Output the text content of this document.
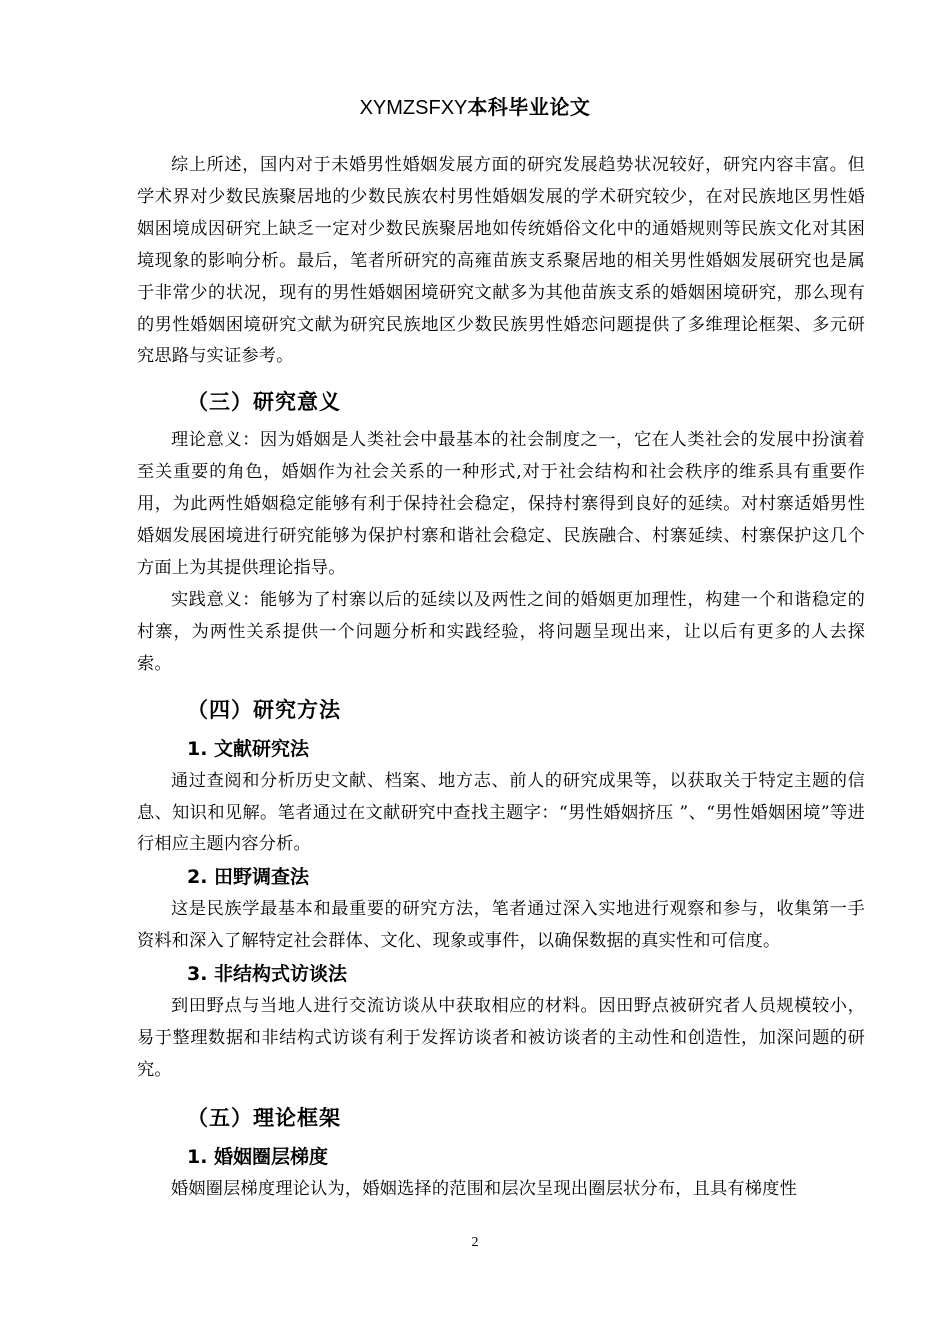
XYMZSFXY本科毕业论文

综上所述，国内对于未婚男性婚姻发展方面的研究发展趋势状况较好，研究内容丰富。但学术界对少数民族聚居地的少数民族农村男性婚姻发展的学术研究较少，在对民族地区男性婚姻困境成因研究上缺乏一定对少数民族聚居地如传统婚俗文化中的通婚规则等民族文化对其困境现象的影响分析。最后，笔者所研究的高雍苗族支系聚居地的相关男性婚姻发展研究也是属于非常少的状况，现有的男性婚姻困境研究文献多为其他苗族支系的婚姻困境研究，那么现有的男性婚姻困境研究文献为研究民族地区少数民族男性婚恋问题提供了多维理论框架、多元研究思路与实证参考。

（三）研究意义

理论意义：因为婚姻是人类社会中最基本的社会制度之一，它在人类社会的发展中扮演着至关重要的角色，婚姻作为社会关系的一种形式,对于社会结构和社会秩序的维系具有重要作用，为此两性婚姻稳定能够有利于保持社会稳定，保持村寨得到良好的延续。对村寨适婚男性婚姻发展困境进行研究能够为保护村寨和谐社会稳定、民族融合、村寨延续、村寨保护这几个方面上为其提供理论指导。

实践意义：能够为了村寨以后的延续以及两性之间的婚姻更加理性，构建一个和谐稳定的村寨，为两性关系提供一个问题分析和实践经验，将问题呈现出来，让以后有更多的人去探索。

（四）研究方法
1. 文献研究法

通过查阅和分析历史文献、档案、地方志、前人的研究成果等，以获取关于特定主题的信息、知识和见解。笔者通过在文献研究中查找主题字：“男性婚姻挤压 ”、“男性婚姻困境”等进行相应主题内容分析。

2. 田野调查法

这是民族学最基本和最重要的研究方法，笔者通过深入实地进行观察和参与，收集第一手资料和深入了解特定社会群体、文化、现象或事件，以确保数据的真实性和可信度。

3. 非结构式访谈法

到田野点与当地人进行交流访谈从中获取相应的材料。因田野点被研究者人员规模较小，易于整理数据和非结构式访谈有利于发挥访谈者和被访谈者的主动性和创造性，加深问题的研究。

（五）理论框架
1. 婚姻圈层梯度

婚姻圈层梯度理论认为，婚姻选择的范围和层次呈现出圈层状分布，且具有梯度性

2
